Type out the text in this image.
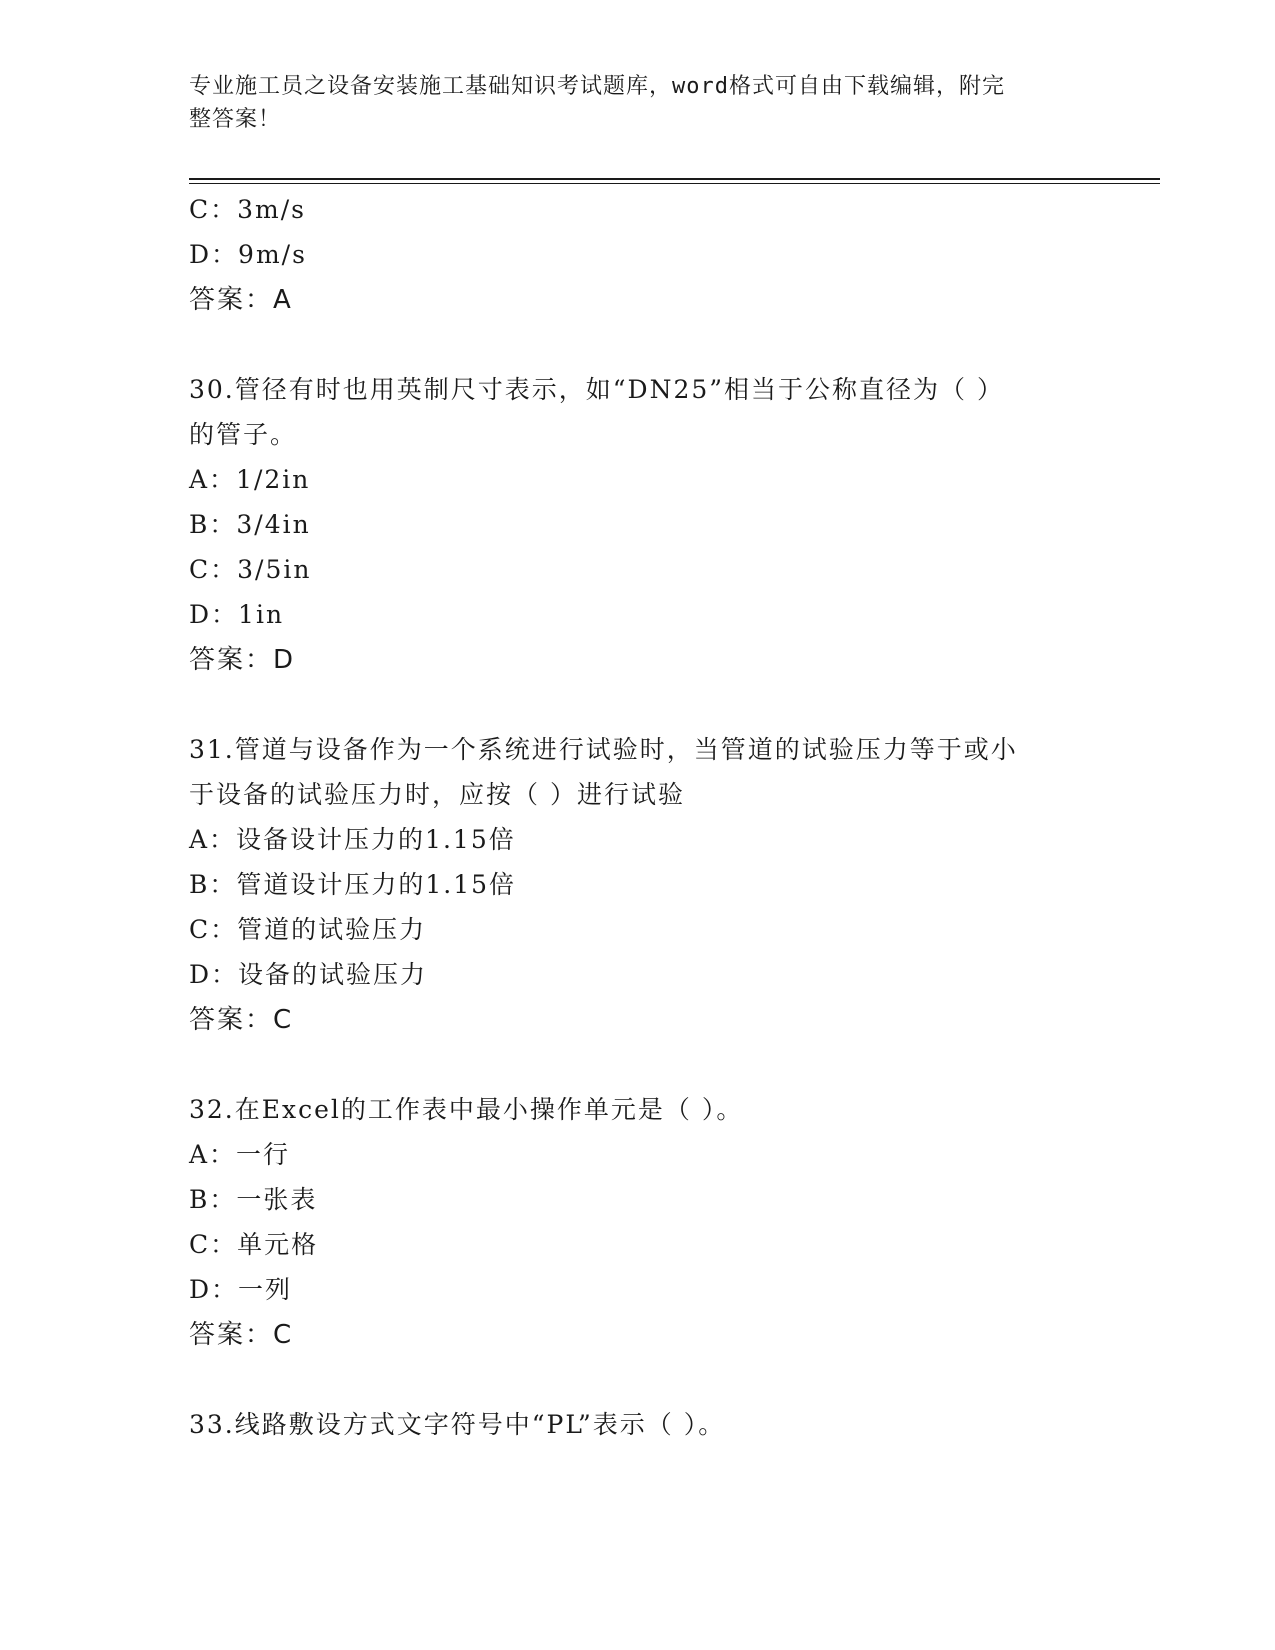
专业施工员之设备安装施工基础知识考试题库，word格式可自由下载编辑，附完
整答案！
C：3m/s
D：9m/s
答案：A
30.管径有时也用英制尺寸表示，如“DN25”相当于公称直径为（ ）
的管子。
A：1/2in
B：3/4in
C：3/5in
D：1in
答案：D
31.管道与设备作为一个系统进行试验时，当管道的试验压力等于或小
于设备的试验压力时，应按（ ）进行试验
A：设备设计压力的1.15倍
B：管道设计压力的1.15倍
C：管道的试验压力
D：设备的试验压力
答案：C
32.在Excel的工作表中最小操作单元是（ ）。
A：一行
B：一张表
C：单元格
D：一列
答案：C
33.线路敷设方式文字符号中“PL”表示（ ）。
